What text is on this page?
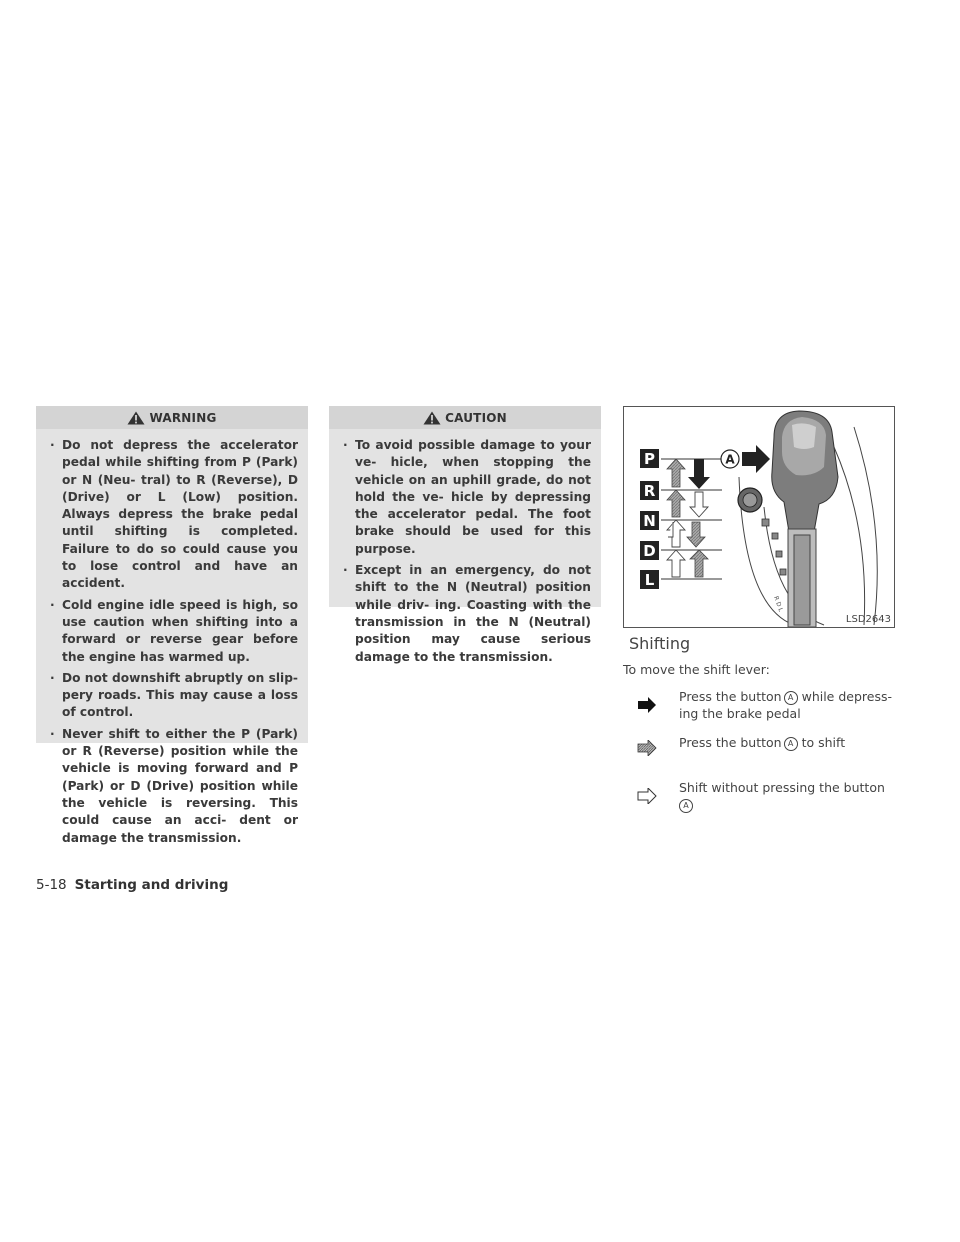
WARNING
· Do not depress the accelerator pedal while shifting from P (Park) or N (Neu- tral) to R (Reverse), D (Drive) or L (Low) position. Always depress the brake pedal until shifting is completed. Failure to do so could cause you to lose control and have an accident.
· Cold engine idle speed is high, so use caution when shifting into a forward or reverse gear before the engine has warmed up.
· Do not downshift abruptly on slip- pery roads. This may cause a loss of control.
· Never shift to either the P (Park) or R (Reverse) position while the vehicle is moving forward and P (Park) or D (Drive) position while the vehicle is reversing. This could cause an acci- dent or damage the transmission.
CAUTION
· To avoid possible damage to your ve- hicle, when stopping the vehicle on an uphill grade, do not hold the ve- hicle by depressing the accelerator pedal. The foot brake should be used for this purpose.
· Except in an emergency, do not shift to the N (Neutral) position while driv- ing. Coasting with the transmission in the N (Neutral) position may cause serious damage to the transmission.
P
R
N
D
L
A
R D L
LSD2643
Shifting
To move the shift lever:
Press the button A while depress- ing the brake pedal
Press the button A to shift
Shift without pressing the button
A
5-18 Starting and driving
